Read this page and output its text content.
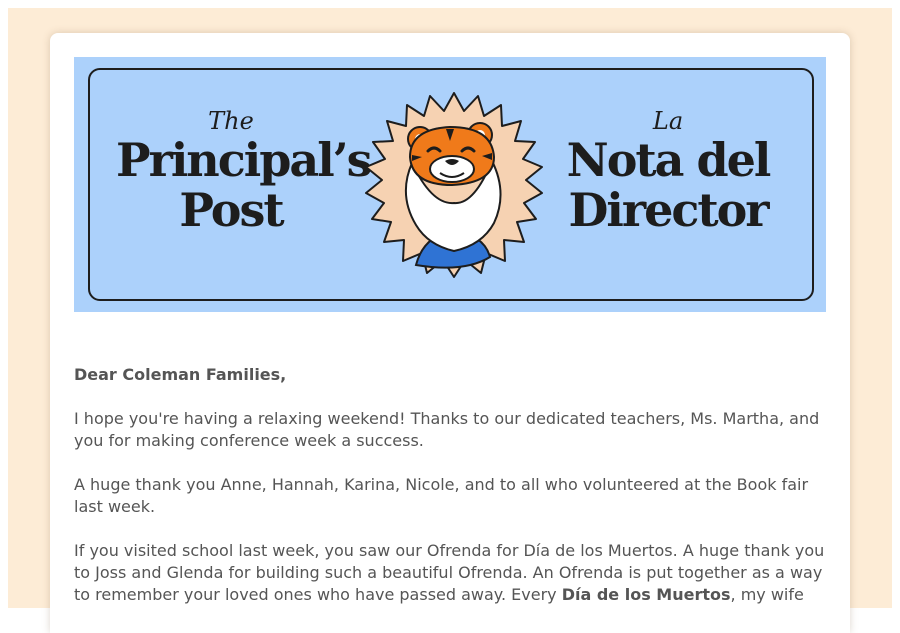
The
Principal’s
Post
La
Nota del
Director

Dear Coleman Families,

I hope you're having a relaxing weekend! Thanks to our dedicated teachers, Ms. Martha, and you for making conference week a success.

A huge thank you Anne, Hannah, Karina, Nicole, and to all who volunteered at the Book fair last week.

If you visited school last week, you saw our Ofrenda for Día de los Muertos. A huge thank you to Joss and Glenda for building such a beautiful Ofrenda. An Ofrenda is put together as a way to remember your loved ones who have passed away. Every Día de los Muertos, my wife
